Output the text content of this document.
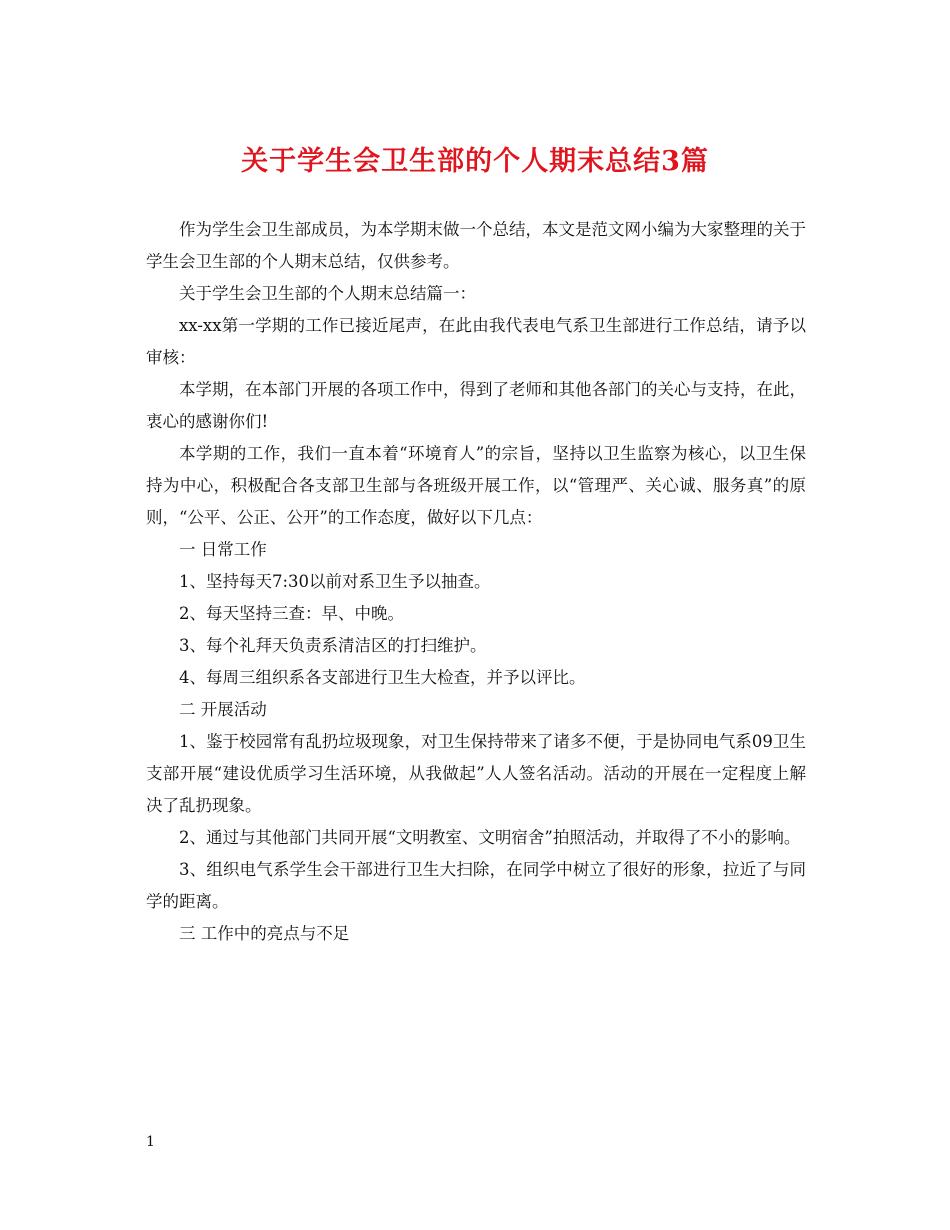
关于学生会卫生部的个人期末总结3篇

作为学生会卫生部成员，为本学期末做一个总结，本文是范文网小编为大家整理的关于学生会卫生部的个人期末总结，仅供参考。

关于学生会卫生部的个人期末总结篇一：

xx-xx第一学期的工作已接近尾声，在此由我代表电气系卫生部进行工作总结，请予以审核：

本学期，在本部门开展的各项工作中，得到了老师和其他各部门的关心与支持，在此，衷心的感谢你们!

本学期的工作，我们一直本着“环境育人”的宗旨，坚持以卫生监察为核心，以卫生保持为中心，积极配合各支部卫生部与各班级开展工作，以“管理严、关心诚、服务真”的原则，“公平、公正、公开”的工作态度，做好以下几点：

一 日常工作

1、坚持每天7:30以前对系卫生予以抽查。

2、每天坚持三查：早、中晚。

3、每个礼拜天负责系清洁区的打扫维护。

4、每周三组织系各支部进行卫生大检查，并予以评比。

二 开展活动

1、鉴于校园常有乱扔垃圾现象，对卫生保持带来了诸多不便，于是协同电气系09卫生支部开展“建设优质学习生活环境，从我做起”人人签名活动。活动的开展在一定程度上解决了乱扔现象。

2、通过与其他部门共同开展“文明教室、文明宿舍”拍照活动，并取得了不小的影响。

3、组织电气系学生会干部进行卫生大扫除，在同学中树立了很好的形象，拉近了与同学的距离。

三 工作中的亮点与不足

1
